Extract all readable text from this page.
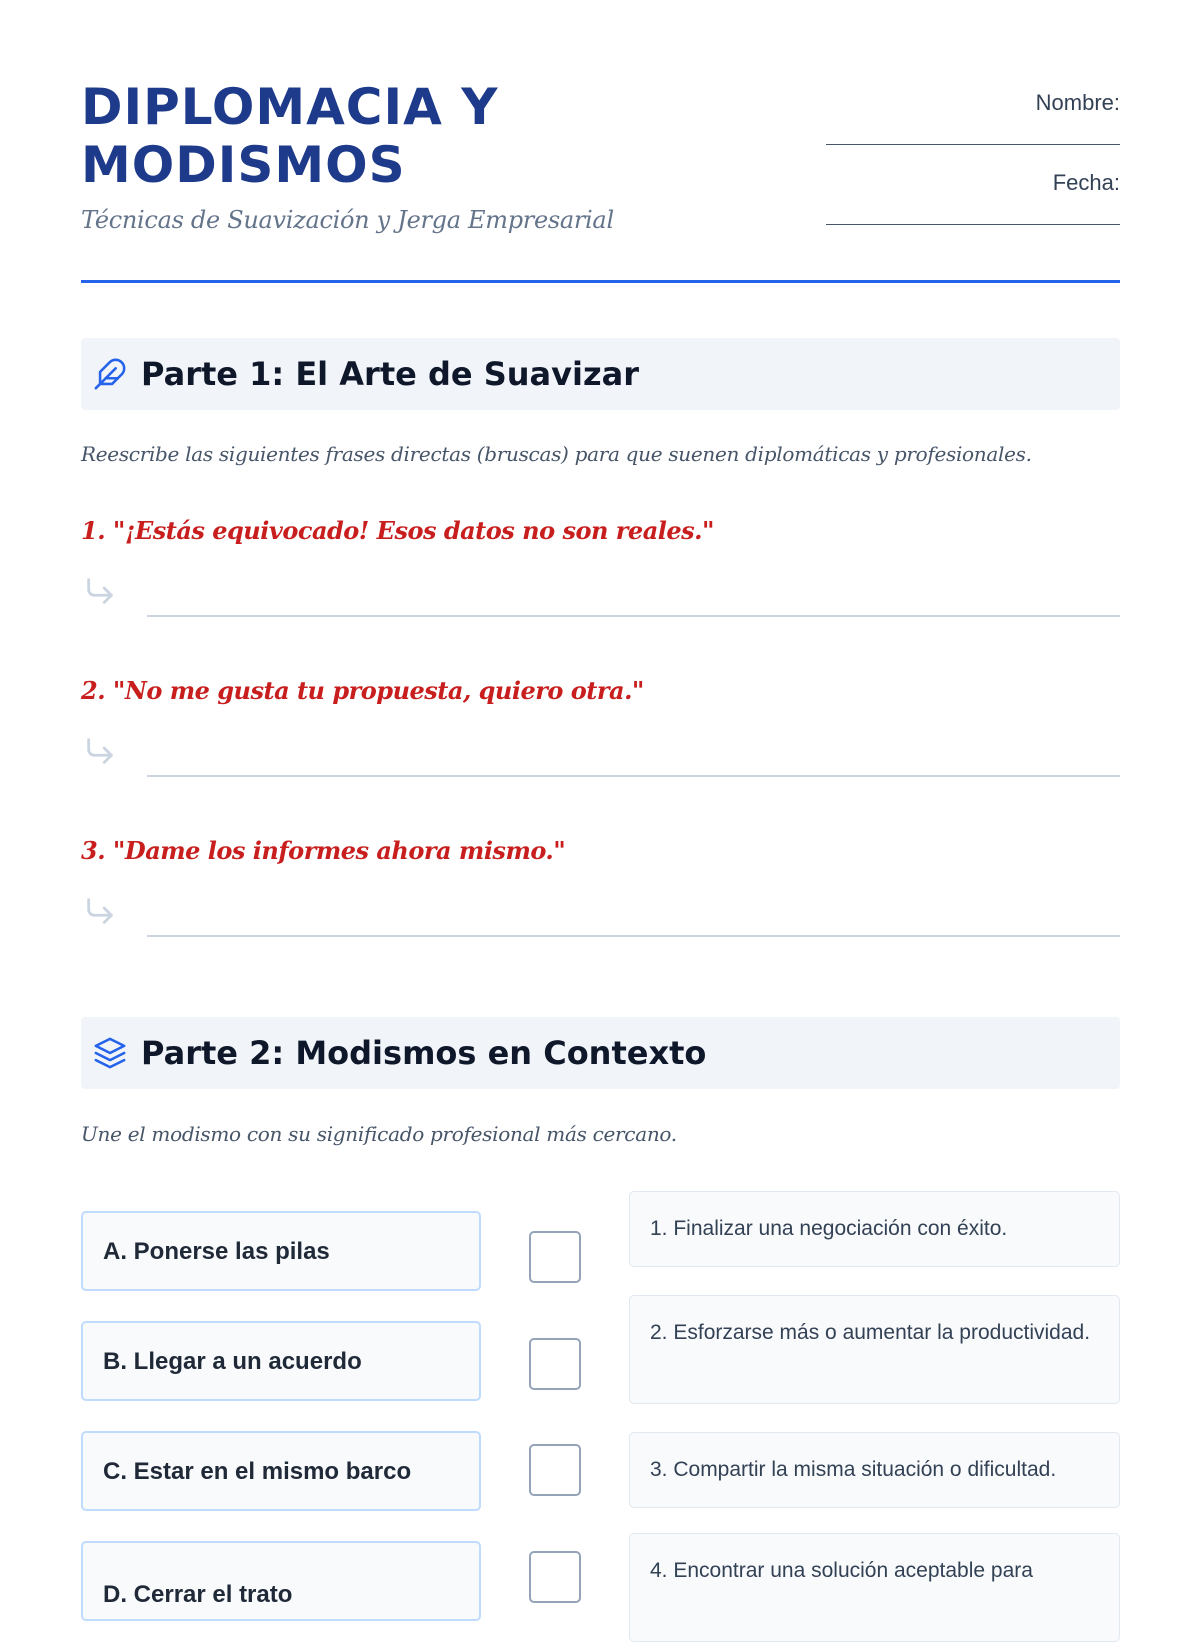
DIPLOMACIA Y MODISMOS
Técnicas de Suavización y Jerga Empresarial
Nombre:
Fecha:
Parte 1: El Arte de Suavizar
Reescribe las siguientes frases directas (bruscas) para que suenen diplomáticas y profesionales.
1. "¡Estás equivocado! Esos datos no son reales."
2. "No me gusta tu propuesta, quiero otra."
3. "Dame los informes ahora mismo."
Parte 2: Modismos en Contexto
Une el modismo con su significado profesional más cercano.
A. Ponerse las pilas
1. Finalizar una negociación con éxito.
B. Llegar a un acuerdo
2. Esforzarse más o aumentar la productividad.
C. Estar en el mismo barco	3. Compartir la misma situación o dificultad.
D. Cerrar el trato
4. Encontrar una solución aceptable para
